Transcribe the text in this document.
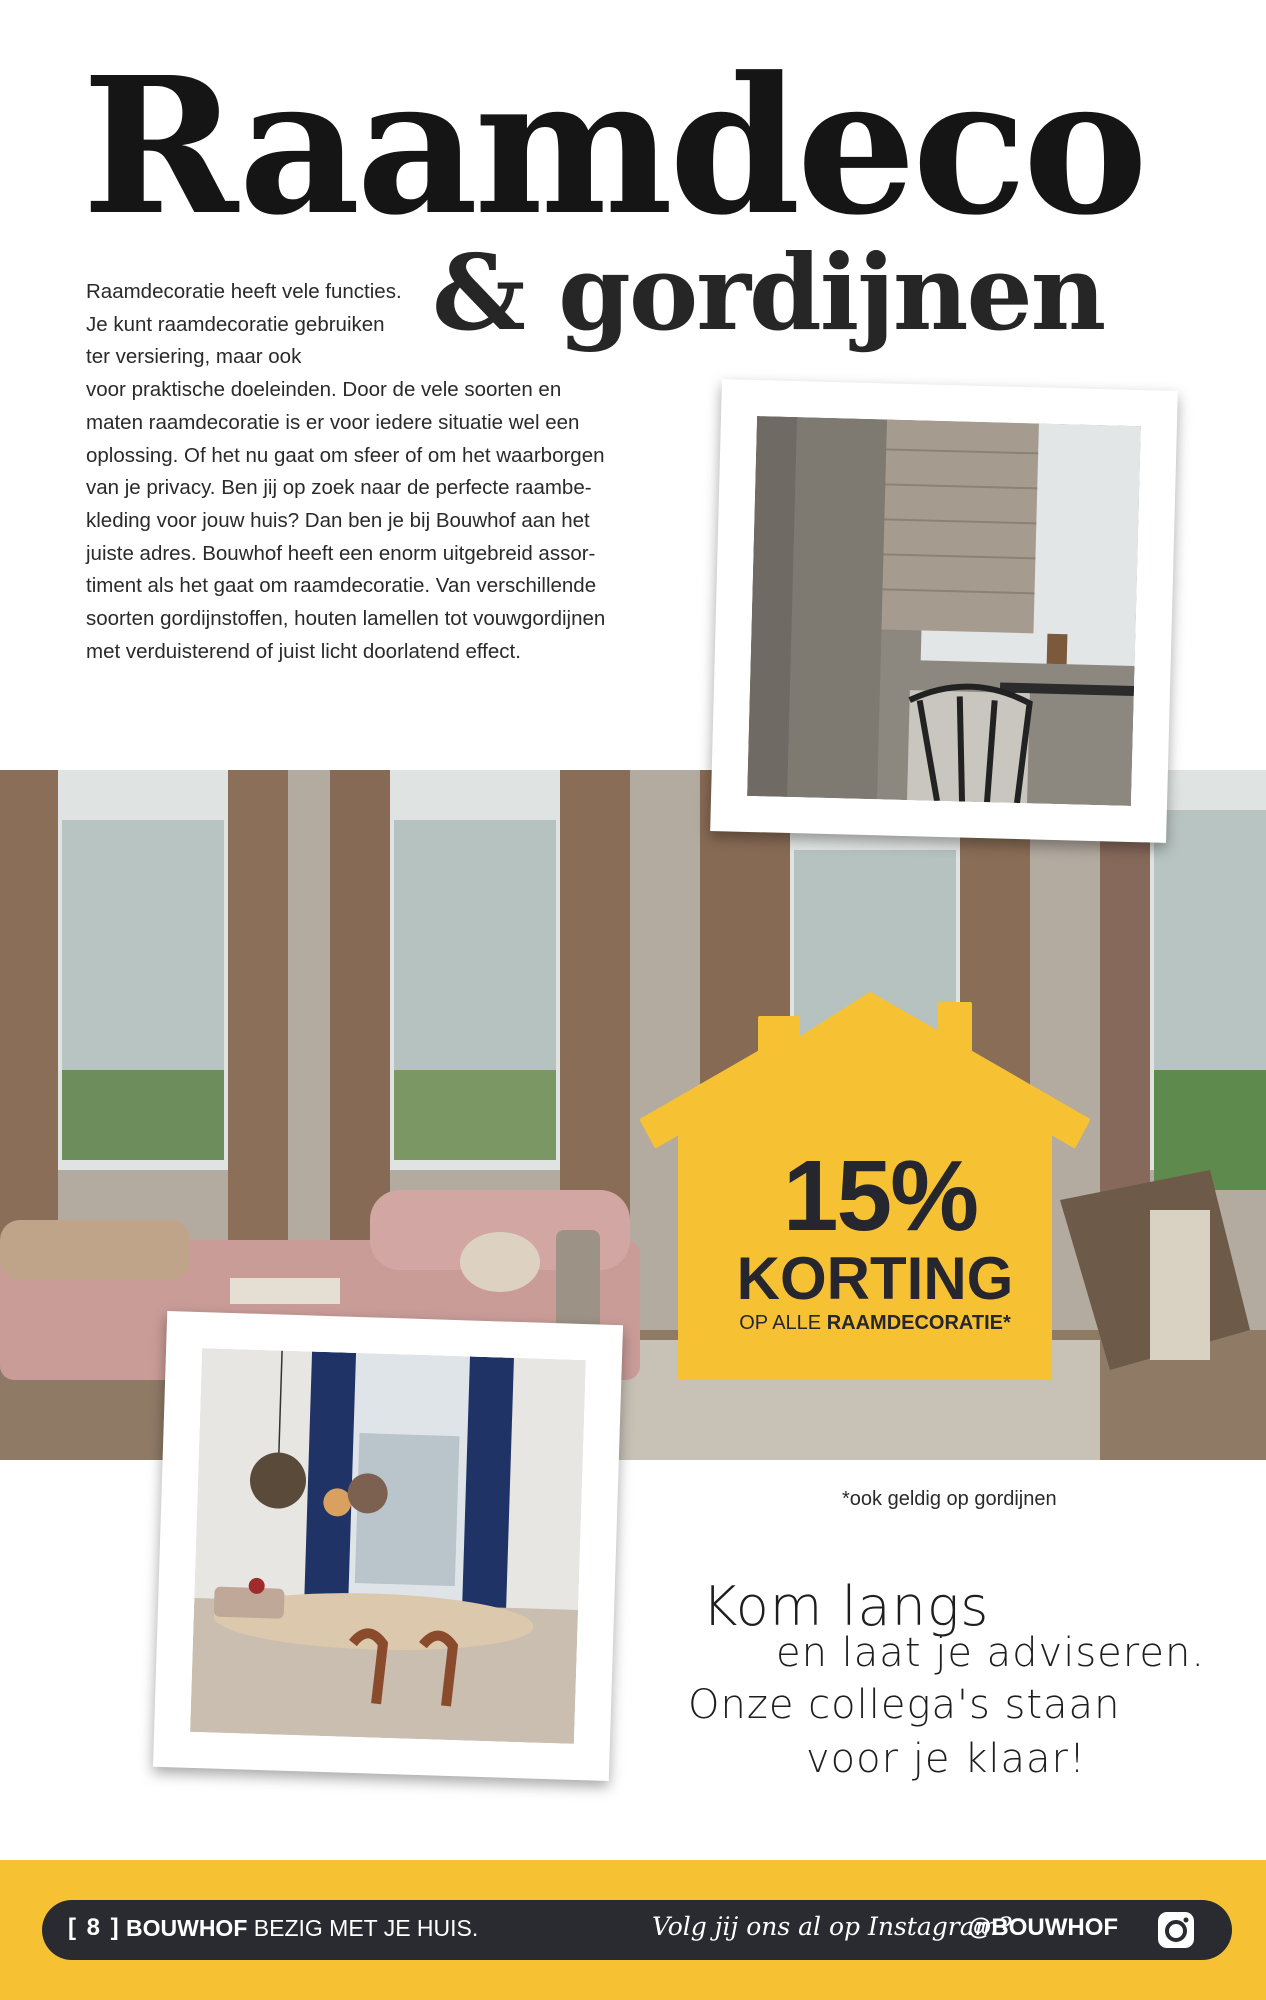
Raamdeco
& gordijnen
Raamdecoratie heeft vele functies.
Je kunt raamdecoratie gebruiken
ter versiering, maar ook
voor praktische doeleinden. Door de vele soorten en
maten raamdecoratie is er voor iedere situatie wel een
oplossing. Of het nu gaat om sfeer of om het waarborgen
van je privacy. Ben jij op zoek naar de perfecte raambe-
kleding voor jouw huis? Dan ben je bij Bouwhof aan het
juiste adres. Bouwhof heeft een enorm uitgebreid assor-
timent als het gaat om raamdecoratie. Van verschillende
soorten gordijnstoffen, houten lamellen tot vouwgordijnen
met verduisterend of juist licht doorlatend effect.
15%
KORTING
OP ALLE RAAMDECORATIE*
*ook geldig op gordijnen
Kom langs
en laat je adviseren.
Onze collega's staan
voor je klaar!
[ 8 ] BOUWHOF BEZIG MET JE HUIS.	Volg jij ons al op Instagram?
@BOUWHOF
